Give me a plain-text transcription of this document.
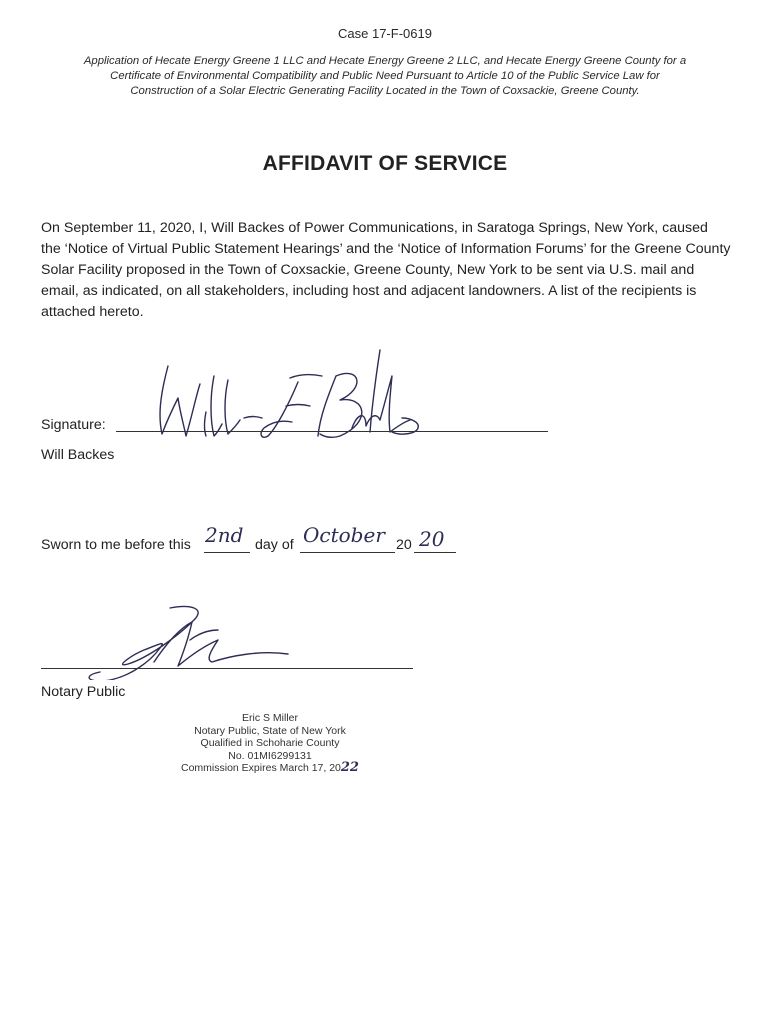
Case 17-F-0619
Application of Hecate Energy Greene 1 LLC and Hecate Energy Greene 2 LLC, and Hecate Energy Greene County for a
Certificate of Environmental Compatibility and Public Need Pursuant to Article 10 of the Public Service Law for
Construction of a Solar Electric Generating Facility Located in the Town of Coxsackie, Greene County.
AFFIDAVIT OF SERVICE
On September 11, 2020, I, Will Backes of Power Communications, in Saratoga Springs, New York, caused the ‘Notice of Virtual Public Statement Hearings’ and the ‘Notice of Information Forums’ for the Greene County Solar Facility proposed in the Town of Coxsackie, Greene County, New York to be sent via U.S. mail and email, as indicated, on all stakeholders, including host and adjacent landowners. A list of the recipients is attached hereto.
Signature:
Will Backes
Sworn to me before this 2nd day of October 20 20
Notary Public
Eric S Miller
Notary Public, State of New York
Qualified in Schoharie County
No. 01MI6299131
Commission Expires March 17, 2022
